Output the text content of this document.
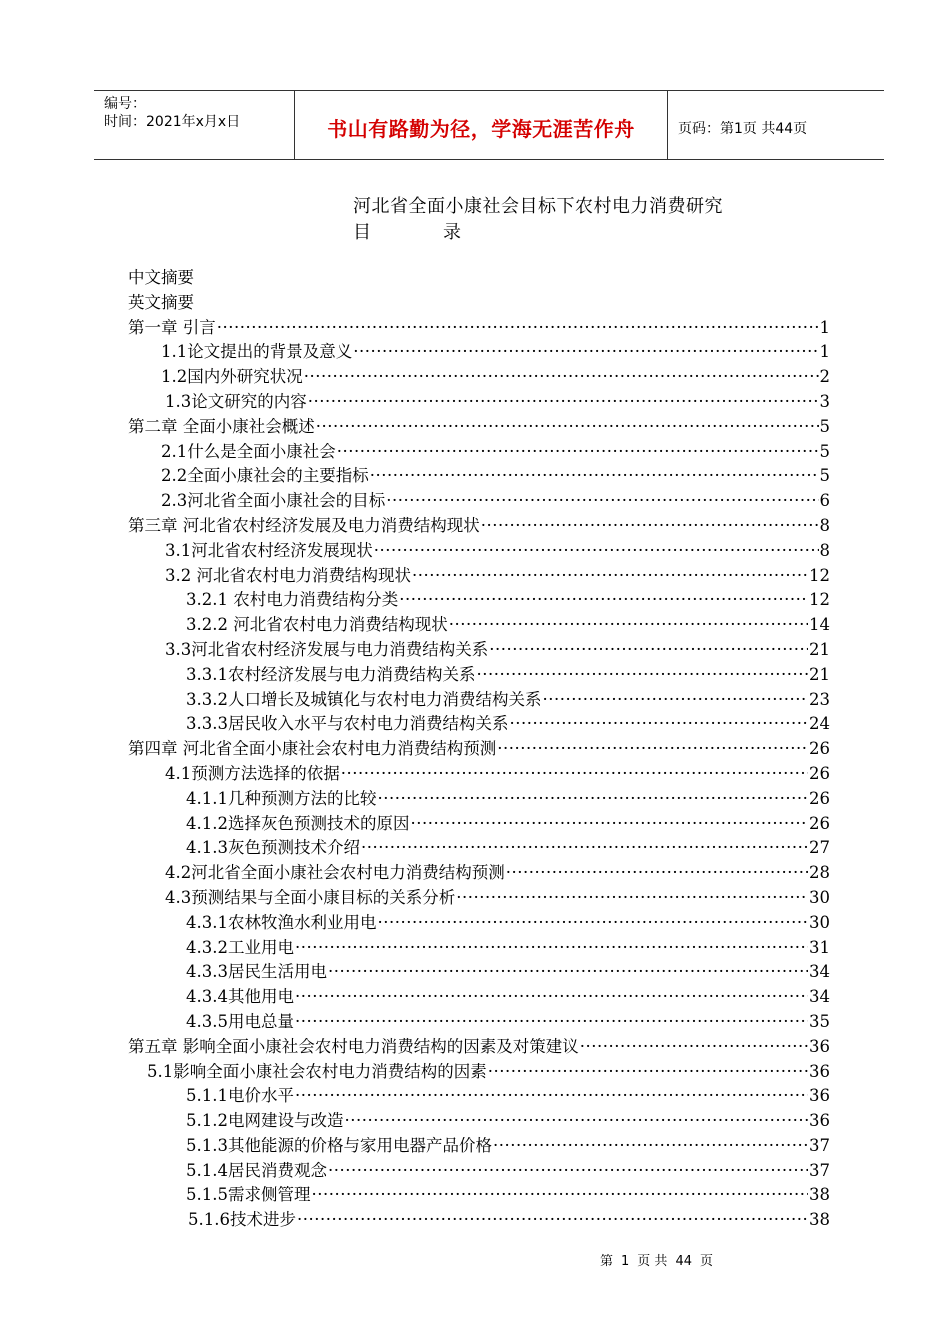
编号：
时间：2021年x月x日	书山有路勤为径，学海无涯苦作舟	页码：第1页 共44页
河北省全面小康社会目标下农村电力消费研究
目	录
中文摘要
英文摘要
第一章 引言 ·····	1
1.1论文提出的背景及意义 ·····	1
1.2国内外研究状况 ·····	2
1.3论文研究的内容 ·····	3
第二章 全面小康社会概述 ·····	5
2.1什么是全面小康社会 ·····	5
2.2全面小康社会的主要指标 ·····	5
2.3河北省全面小康社会的目标 ·····	6
第三章 河北省农村经济发展及电力消费结构现状 ·····	8
3.1河北省农村经济发展现状 ·····	8
3.2 河北省农村电力消费结构现状 ·····	12
3.2.1 农村电力消费结构分类 ·····	12
3.2.2 河北省农村电力消费结构现状 ·····	14
3.3河北省农村经济发展与电力消费结构关系 ·····	21
3.3.1农村经济发展与电力消费结构关系 ·····	21
3.3.2人口增长及城镇化与农村电力消费结构关系 ·····	23
3.3.3居民收入水平与农村电力消费结构关系 ·····	24
第四章 河北省全面小康社会农村电力消费结构预测 ·····	26
4.1预测方法选择的依据 ·····	26
4.1.1几种预测方法的比较 ·····	26
4.1.2选择灰色预测技术的原因 ·····	26
4.1.3灰色预测技术介绍 ·····	27
4.2河北省全面小康社会农村电力消费结构预测 ·····	28
4.3预测结果与全面小康目标的关系分析 ·····	30
4.3.1农林牧渔水利业用电 ·····	30
4.3.2工业用电 ·····	31
4.3.3居民生活用电 ·····	34
4.3.4其他用电 ·····	34
4.3.5用电总量 ·····	35
第五章 影响全面小康社会农村电力消费结构的因素及对策建议 ·····	36
5.1影响全面小康社会农村电力消费结构的因素 ·····	36
5.1.1电价水平 ·····	36
5.1.2电网建设与改造 ·····	36
5.1.3其他能源的价格与家用电器产品价格 ·····	37
5.1.4居民消费观念 ·····	37
5.1.5需求侧管理 ·····	38
5.1.6技术进步 ·····	38
第 1 页 共 44 页
